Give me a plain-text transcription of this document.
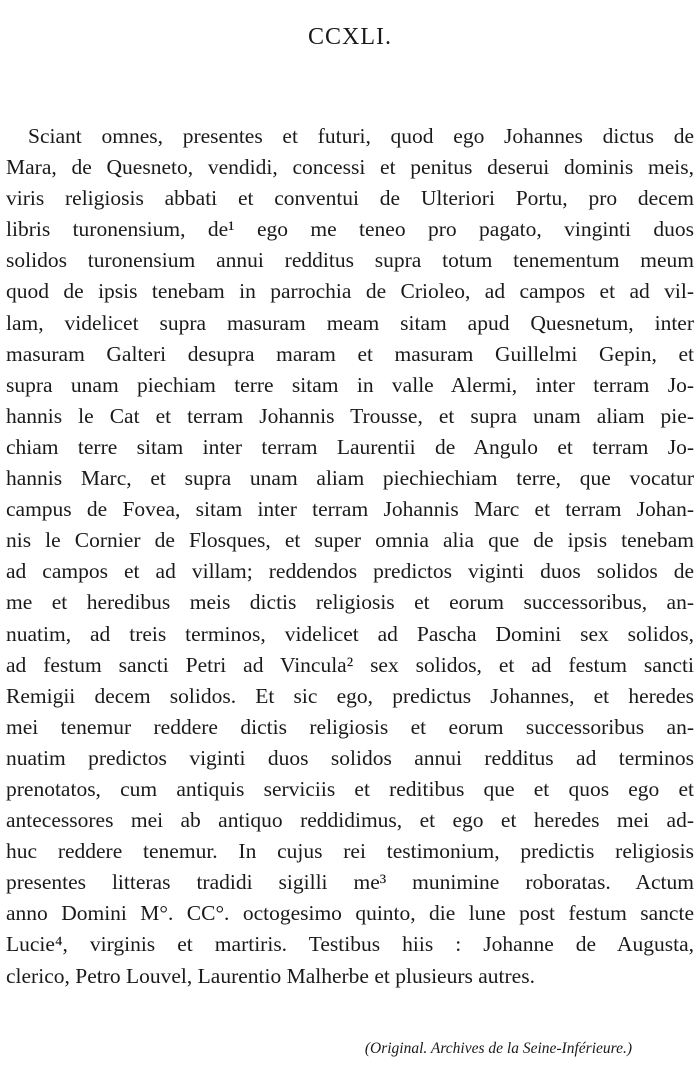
CCXLI.
Sciant omnes, presentes et futuri, quod ego Johannes dictus de
Mara, de Quesneto, vendidi, concessi et penitus deserui dominis meis,
viris religiosis abbati et conventui de Ulteriori Portu, pro decem
libris turonensium, de¹ ego me teneo pro pagato, vinginti duos
solidos turonensium annui redditus supra totum tenementum meum
quod de ipsis tenebam in parrochia de Crioleo, ad campos et ad vil-
lam, videlicet supra masuram meam sitam apud Quesnetum, inter
masuram Galteri desupra maram et masuram Guillelmi Gepin, et
supra unam piechiam terre sitam in valle Alermi, inter terram Jo-
hannis le Cat et terram Johannis Trousse, et supra unam aliam pie-
chiam terre sitam inter terram Laurentii de Angulo et terram Jo-
hannis Marc, et supra unam aliam piechiechiam terre, que vocatur
campus de Fovea, sitam inter terram Johannis Marc et terram Johan-
nis le Cornier de Flosques, et super omnia alia que de ipsis tenebam
ad campos et ad villam; reddendos predictos viginti duos solidos de
me et heredibus meis dictis religiosis et eorum successoribus, an-
nuatim, ad treis terminos, videlicet ad Pascha Domini sex solidos,
ad festum sancti Petri ad Vincula² sex solidos, et ad festum sancti
Remigii decem solidos. Et sic ego, predictus Johannes, et heredes
mei tenemur reddere dictis religiosis et eorum successoribus an-
nuatim predictos viginti duos solidos annui redditus ad terminos
prenotatos, cum antiquis serviciis et reditibus que et quos ego et
antecessores mei ab antiquo reddidimus, et ego et heredes mei ad-
huc reddere tenemur. In cujus rei testimonium, predictis religiosis
presentes litteras tradidi sigilli me³ munimine roboratas. Actum
anno Domini M°. CC°. octogesimo quinto, die lune post festum sancte
Lucie⁴, virginis et martiris. Testibus hiis : Johanne de Augusta,
clerico, Petro Louvel, Laurentio Malherbe et plusieurs autres.
(Original. Archives de la Seine-Inférieure.)
